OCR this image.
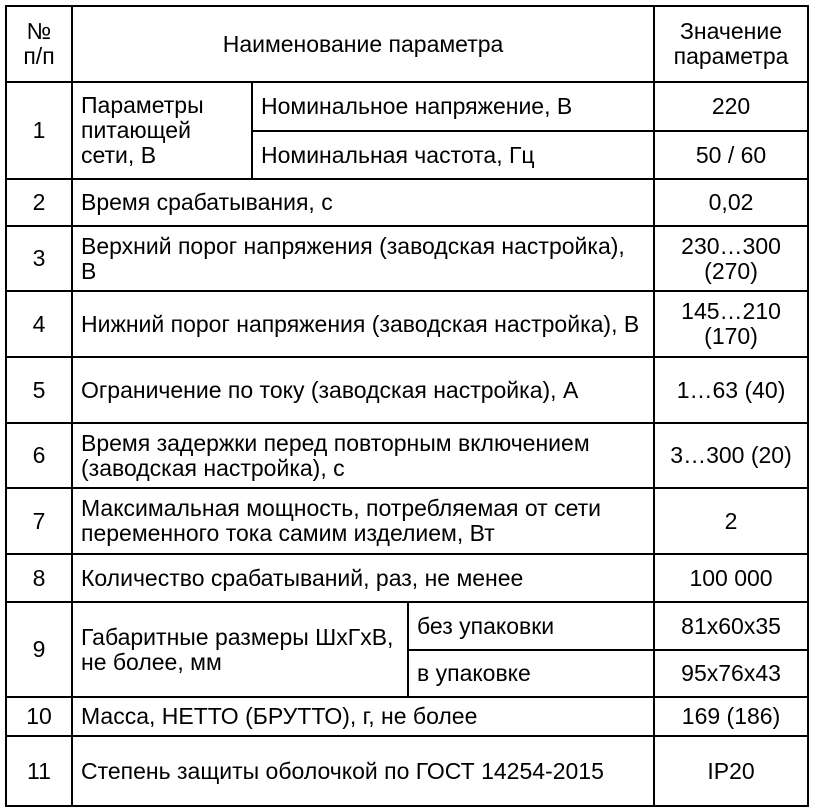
№ п/п	Наименование параметра			Значение параметра
1	Параметры питающей сети, В	Номинальное напряжение, В		220
		Номинальная частота, Гц		50 / 60
2	Время срабатывания, с			0,02
3	Верхний порог напряжения (заводская настройка), В			230…300 (270)
4	Нижний порог напряжения (заводская настройка), В			145…210 (170)
5	Ограничение по току (заводская настройка), А			1…63 (40)
6	Время задержки перед повторным включением (заводская настройка), с			3…300 (20)
7	Максимальная мощность, потребляемая от сети переменного тока самим изделием, Вт			2
8	Количество срабатываний, раз, не менее			100 000
9	Габаритные размеры ШхГхВ, не более, мм		без упаковки	81x60x35
			в упаковке	95x76x43
10	Масса, НЕТТО (БРУТТО), г, не более			169 (186)
11	Степень защиты оболочкой по ГОСТ 14254-2015			IP20
